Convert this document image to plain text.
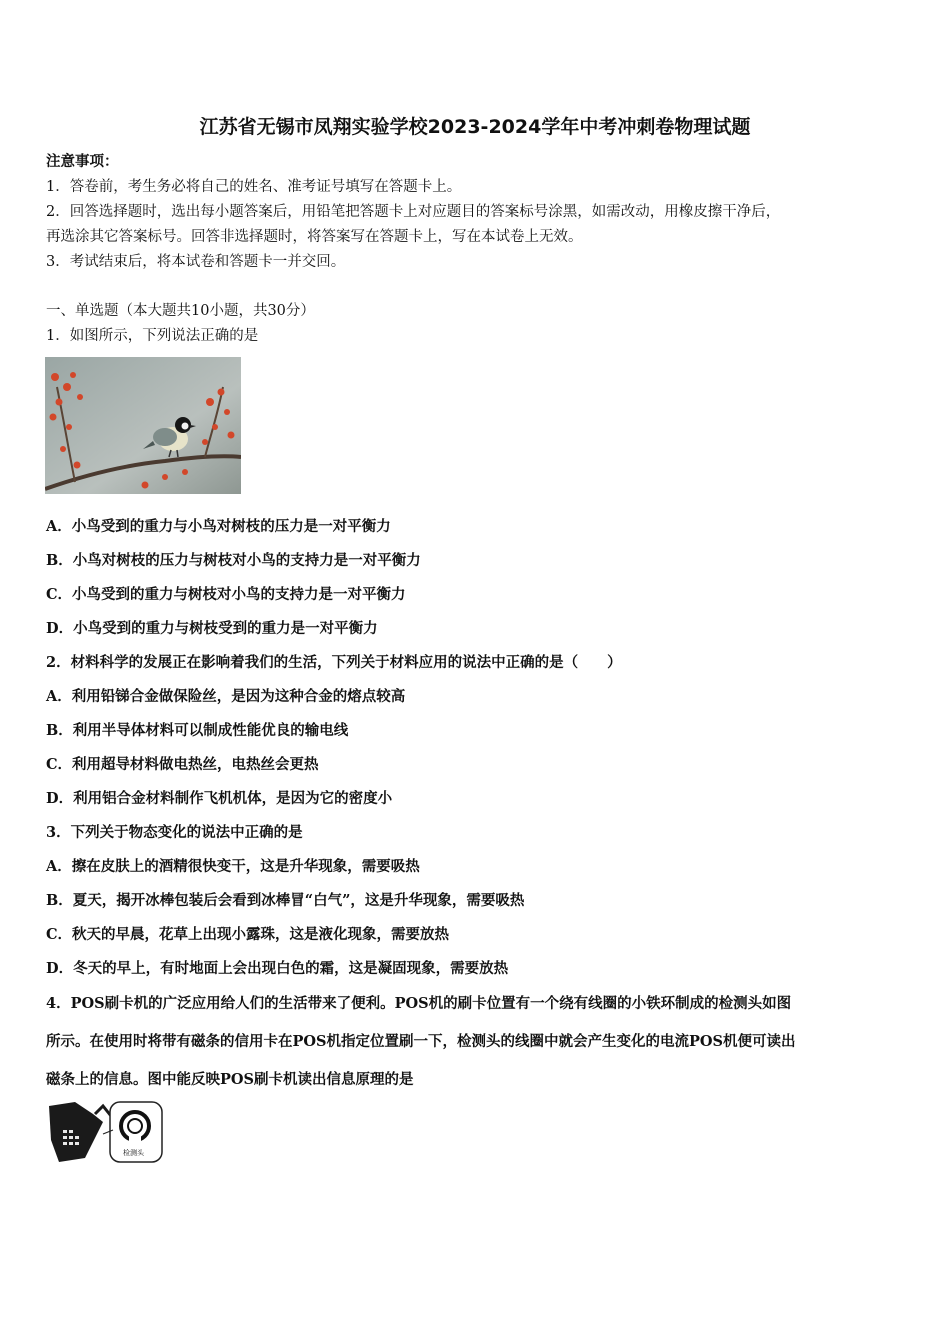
江苏省无锡市凤翔实验学校2023-2024学年中考冲刺卷物理试题
注意事项：
1．答卷前，考生务必将自己的姓名、准考证号填写在答题卡上。
2．回答选择题时，选出每小题答案后，用铅笔把答题卡上对应题目的答案标号涂黑，如需改动，用橡皮擦干净后，
再选涂其它答案标号。回答非选择题时，将答案写在答题卡上，写在本试卷上无效。
3．考试结束后，将本试卷和答题卡一并交回。
一、单选题（本大题共10小题，共30分）
1．如图所示，下列说法正确的是
A．小鸟受到的重力与小鸟对树枝的压力是一对平衡力
B．小鸟对树枝的压力与树枝对小鸟的支持力是一对平衡力
C．小鸟受到的重力与树枝对小鸟的支持力是一对平衡力
D．小鸟受到的重力与树枝受到的重力是一对平衡力
2．材料科学的发展正在影响着我们的生活，下列关于材料应用的说法中正确的是（　　）
A．利用铅锑合金做保险丝，是因为这种合金的熔点较高
B．利用半导体材料可以制成性能优良的输电线
C．利用超导材料做电热丝，电热丝会更热
D．利用铝合金材料制作飞机机体，是因为它的密度小
3．下列关于物态变化的说法中正确的是
A．擦在皮肤上的酒精很快变干，这是升华现象，需要吸热
B．夏天，揭开冰棒包装后会看到冰棒冒“白气”，这是升华现象，需要吸热
C．秋天的早晨，花草上出现小露珠，这是液化现象，需要放热
D．冬天的早上，有时地面上会出现白色的霜，这是凝固现象，需要放热
4．POS刷卡机的广泛应用给人们的生活带来了便利。POS机的刷卡位置有一个绕有线圈的小铁环制成的检测头如图
所示。在使用时将带有磁条的信用卡在POS机指定位置刷一下，检测头的线圈中就会产生变化的电流POS机便可读出
磁条上的信息。图中能反映POS刷卡机读出信息原理的是
检测头
